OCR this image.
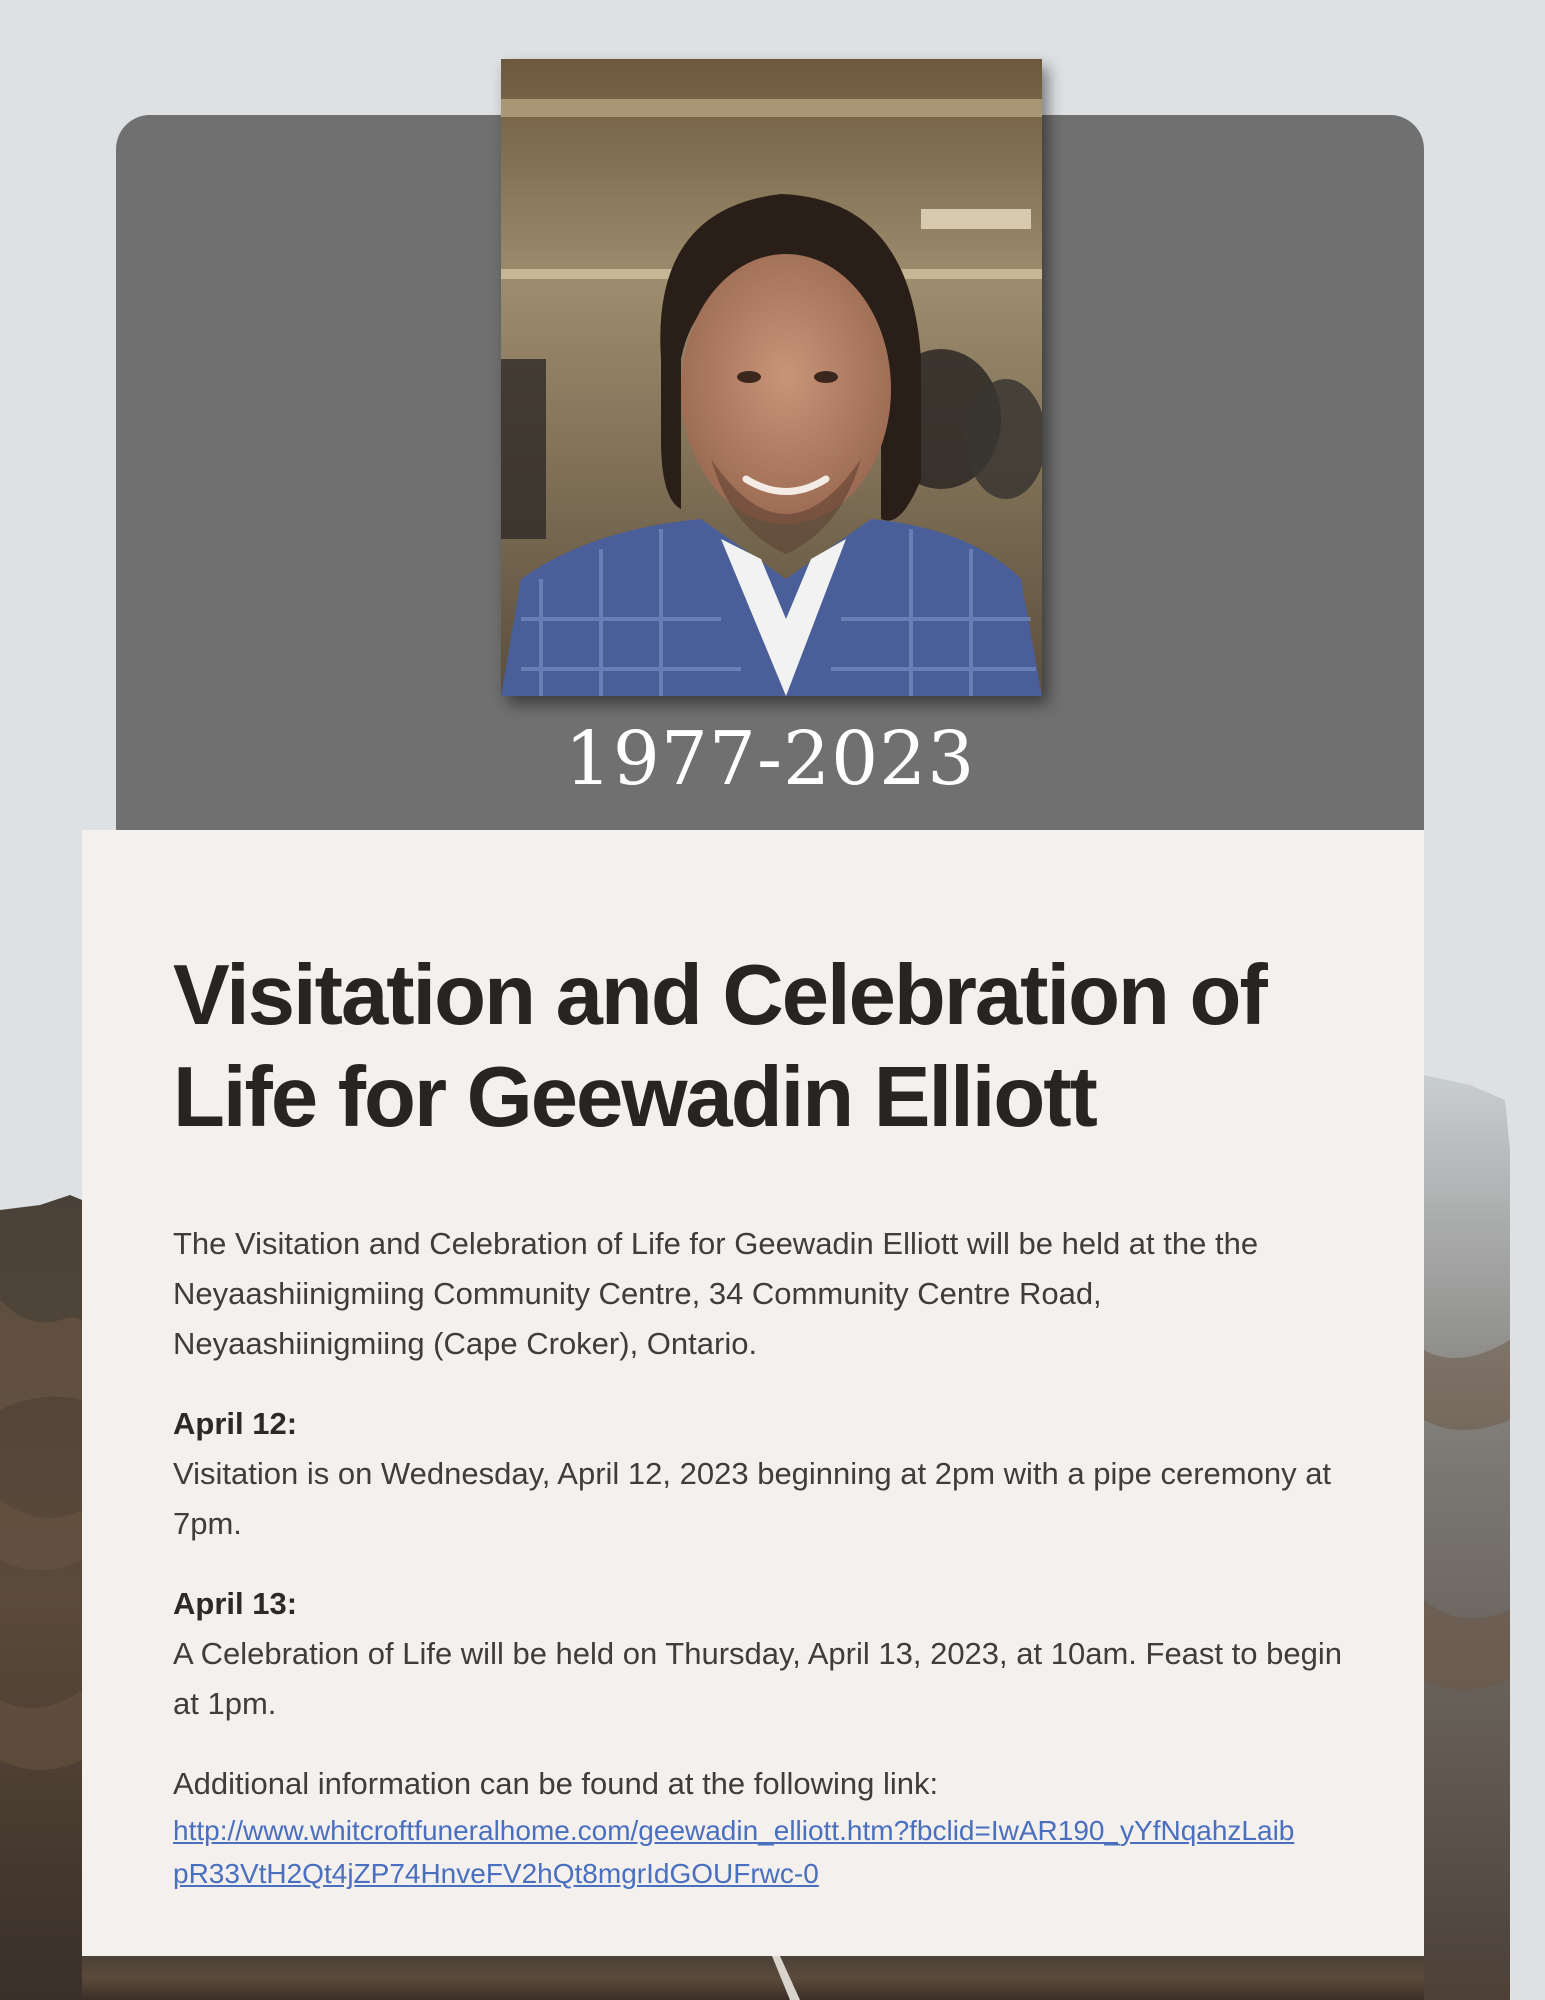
1977-2023
Visitation and Celebration of Life for Geewadin Elliott

The Visitation and Celebration of Life for Geewadin Elliott will be held at the the Neyaashiinigmiing Community Centre, 34 Community Centre Road, Neyaashiinigmiing (Cape Croker), Ontario.

April 12:

Visitation is on Wednesday, April 12, 2023 beginning at 2pm with a pipe ceremony at 7pm.

April 13:

A Celebration of Life will be held on Thursday, April 13, 2023, at 10am. Feast to begin at 1pm.

Additional information can be found at the following link:

http://www.whitcroftfuneralhome.com/geewadin_elliott.htm?fbclid=IwAR190_yYfNqahzLaibpR33VtH2Qt4jZP74HnveFV2hQt8mgrIdGOUFrwc-0
